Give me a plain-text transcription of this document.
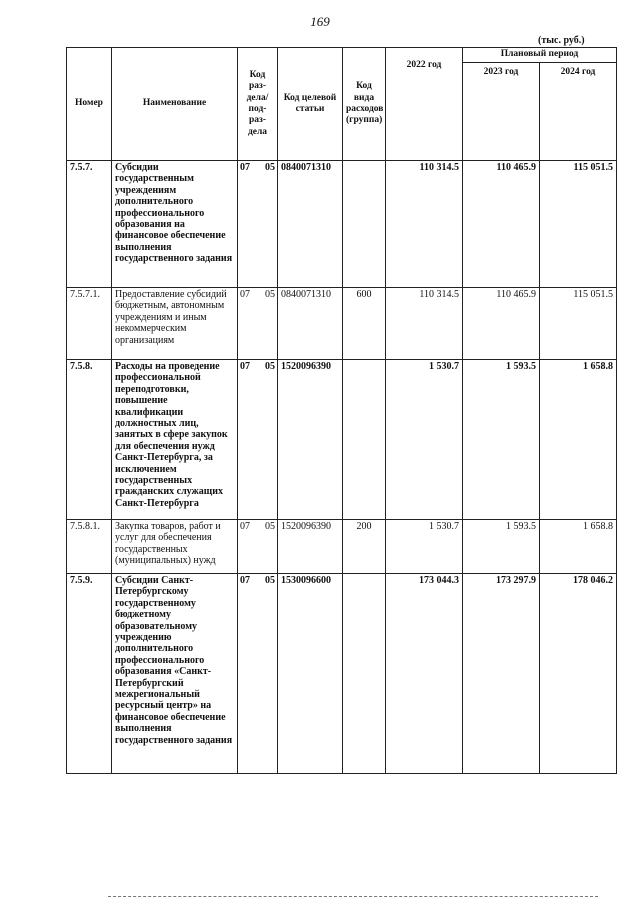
169
(тыс. руб.)
Номер	Наименование	Код раз-дела/ под-раз-дела	Код целевой статьи	Код вида расходов (группа)	2022 год	Плановый период	
						2023 год	2024 год
7.5.7.	Субсидии государственным учреждениям дополнительного профессионального образования на финансовое обеспечение выполнения государственного задания	07 05	0840071310		110 314.5	110 465.9	115 051.5
7.5.7.1.	Предоставление субсидий бюджетным, автономным учреждениям и иным некоммерческим организациям	07 05	0840071310	600	110 314.5	110 465.9	115 051.5
7.5.8.	Расходы на проведение профессиональной переподготовки, повышение квалификации должностных лиц, занятых в сфере закупок для обеспечения нужд Санкт-Петербурга, за исключением государственных гражданских служащих Санкт-Петербурга	07 05	1520096390		1 530.7	1 593.5	1 658.8
7.5.8.1.	Закупка товаров, работ и услуг для обеспечения государственных (муниципальных) нужд	07 05	1520096390	200	1 530.7	1 593.5	1 658.8
7.5.9.	Субсидии Санкт-Петербургскому государственному бюджетному образовательному учреждению дополнительного профессионального образования «Санкт-Петербургский межрегиональный ресурсный центр» на финансовое обеспечение выполнения государственного задания	07 05	1530096600		173 044.3	173 297.9	178 046.2
